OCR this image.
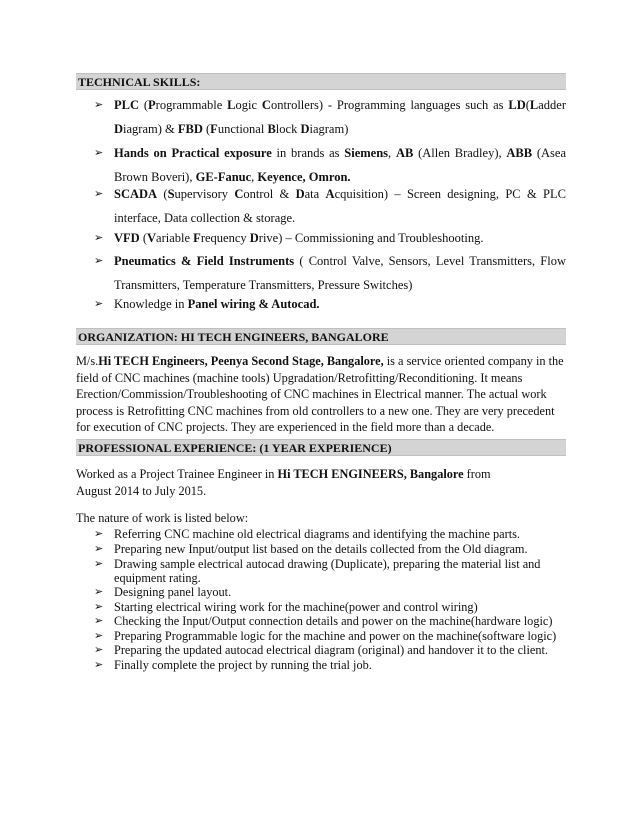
TECHNICAL SKILLS:
➢ PLC (Programmable Logic Controllers) - Programming languages such as LD(Ladder Diagram) & FBD (Functional Block Diagram)
➢ Hands on Practical exposure in brands as Siemens, AB (Allen Bradley), ABB (Asea Brown Boveri), GE-Fanuc, Keyence, Omron.
➢ SCADA (Supervisory Control & Data Acquisition) – Screen designing, PC & PLC interface, Data collection & storage.
➢ VFD (Variable Frequency Drive) – Commissioning and Troubleshooting.
➢ Pneumatics & Field Instruments ( Control Valve, Sensors, Level Transmitters, Flow Transmitters, Temperature Transmitters, Pressure Switches)
➢ Knowledge in Panel wiring & Autocad.
ORGANIZATION: HI TECH ENGINEERS, BANGALORE
M/s.Hi TECH Engineers, Peenya Second Stage, Bangalore, is a service oriented company in the field of CNC machines (machine tools) Upgradation/Retrofitting/Reconditioning. It means Erection/Commission/Troubleshooting of CNC machines in Electrical manner. The actual work process is Retrofitting CNC machines from old controllers to a new one. They are very precedent for execution of CNC projects. They are experienced in the field more than a decade.
PROFESSIONAL EXPERIENCE: (1 YEAR EXPERIENCE)
Worked as a Project Trainee Engineer in Hi TECH ENGINEERS, Bangalore from August 2014 to July 2015.
The nature of work is listed below:
➢ Referring CNC machine old electrical diagrams and identifying the machine parts.
➢ Preparing new Input/output list based on the details collected from the Old diagram.
➢ Drawing sample electrical autocad drawing (Duplicate), preparing the material list and equipment rating.
➢ Designing panel layout.
➢ Starting electrical wiring work for the machine(power and control wiring)
➢ Checking the Input/Output connection details and power on the machine(hardware logic)
➢ Preparing Programmable logic for the machine and power on the machine(software logic)
➢ Preparing the updated autocad electrical diagram (original) and handover it to the client.
➢ Finally complete the project by running the trial job.
